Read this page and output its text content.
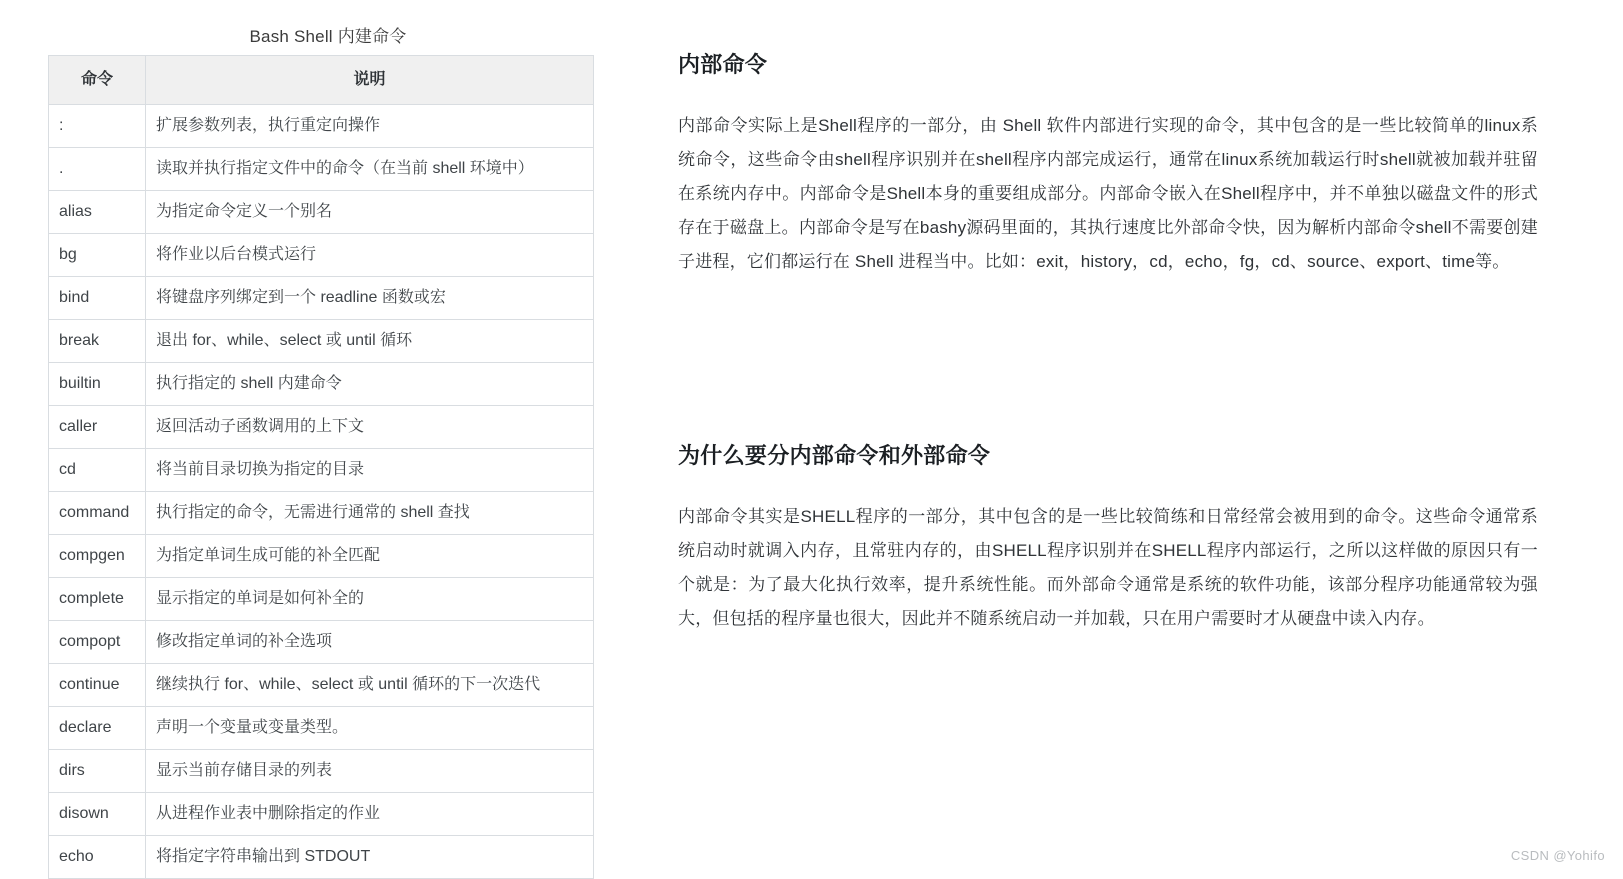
Bash Shell 内建命令
命令	说明
:	扩展参数列表，执行重定向操作
.	读取并执行指定文件中的命令（在当前 shell 环境中）
alias	为指定命令定义一个别名
bg	将作业以后台模式运行
bind	将键盘序列绑定到一个 readline 函数或宏
break	退出 for、while、select 或 until 循环
builtin	执行指定的 shell 内建命令
caller	返回活动子函数调用的上下文
cd	将当前目录切换为指定的目录
command	执行指定的命令，无需进行通常的 shell 查找
compgen	为指定单词生成可能的补全匹配
complete	显示指定的单词是如何补全的
compopt	修改指定单词的补全选项
continue	继续执行 for、while、select 或 until 循环的下一次迭代
declare	声明一个变量或变量类型。
dirs	显示当前存储目录的列表
disown	从进程作业表中删除指定的作业
echo	将指定字符串输出到 STDOUT
内部命令

内部命令实际上是Shell程序的一部分，由 Shell 软件内部进行实现的命令，其中包含的是一些比较简单的linux系统命令，这些命令由shell程序识别并在shell程序内部完成运行，通常在linux系统加载运行时shell就被加载并驻留在系统内存中。内部命令是Shell本身的重要组成部分。内部命令嵌入在Shell程序中，并不单独以磁盘文件的形式存在于磁盘上。内部命令是写在bashy源码里面的，其执行速度比外部命令快，因为解析内部命令shell不需要创建子进程，它们都运行在 Shell 进程当中。比如：exit，history，cd，echo，fg，cd、source、export、time等。

为什么要分内部命令和外部命令

内部命令其实是SHELL程序的一部分，其中包含的是一些比较简练和日常经常会被用到的命令。这些命令通常系统启动时就调入内存，且常驻内存的，由SHELL程序识别并在SHELL程序内部运行，之所以这样做的原因只有一个就是：为了最大化执行效率，提升系统性能。而外部命令通常是系统的软件功能，该部分程序功能通常较为强大，但包括的程序量也很大，因此并不随系统启动一并加载，只在用户需要时才从硬盘中读入内存。

CSDN @Yohifo
